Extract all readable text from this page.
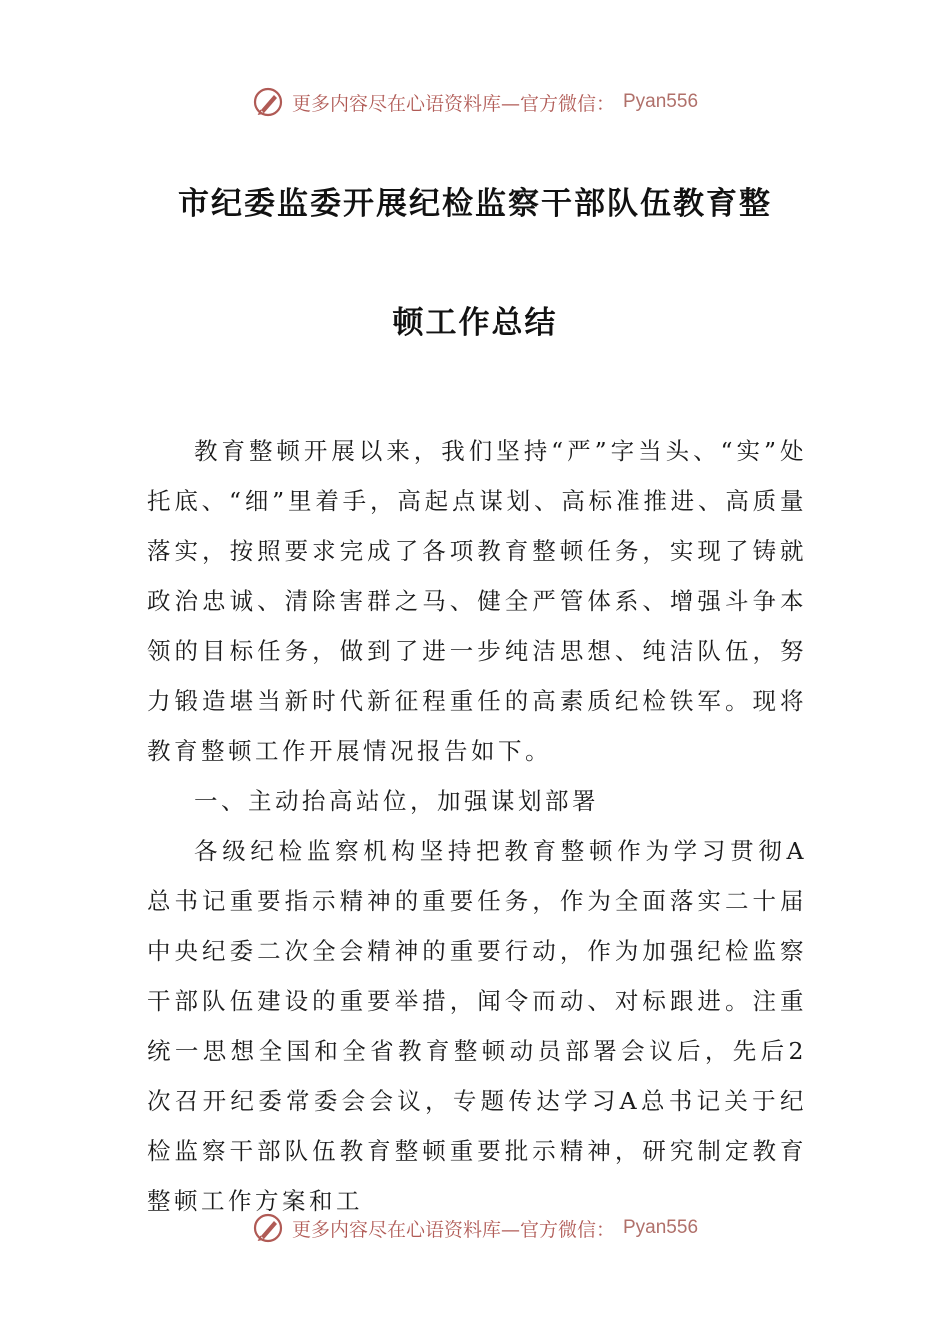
更多内容尽在心语资料库—官方微信： Pyan556
市纪委监委开展纪检监察干部队伍教育整
顿工作总结

教育整顿开展以来，我们坚持“严”字当头、“实”处托底、“细”里着手，高起点谋划、高标准推进、高质量落实，按照要求完成了各项教育整顿任务，实现了铸就政治忠诚、清除害群之马、健全严管体系、增强斗争本领的目标任务，做到了进一步纯洁思想、纯洁队伍，努力锻造堪当新时代新征程重任的高素质纪检铁军。现将教育整顿工作开展情况报告如下。

一、主动抬高站位，加强谋划部署

各级纪检监察机构坚持把教育整顿作为学习贯彻A总书记重要指示精神的重要任务，作为全面落实二十届中央纪委二次全会精神的重要行动，作为加强纪检监察干部队伍建设的重要举措，闻令而动、对标跟进。注重统一思想全国和全省教育整顿动员部署会议后，先后2次召开纪委常委会会议，专题传达学习A总书记关于纪检监察干部队伍教育整顿重要批示精神，研究制定教育整顿工作方案和工

更多内容尽在心语资料库—官方微信： Pyan556
